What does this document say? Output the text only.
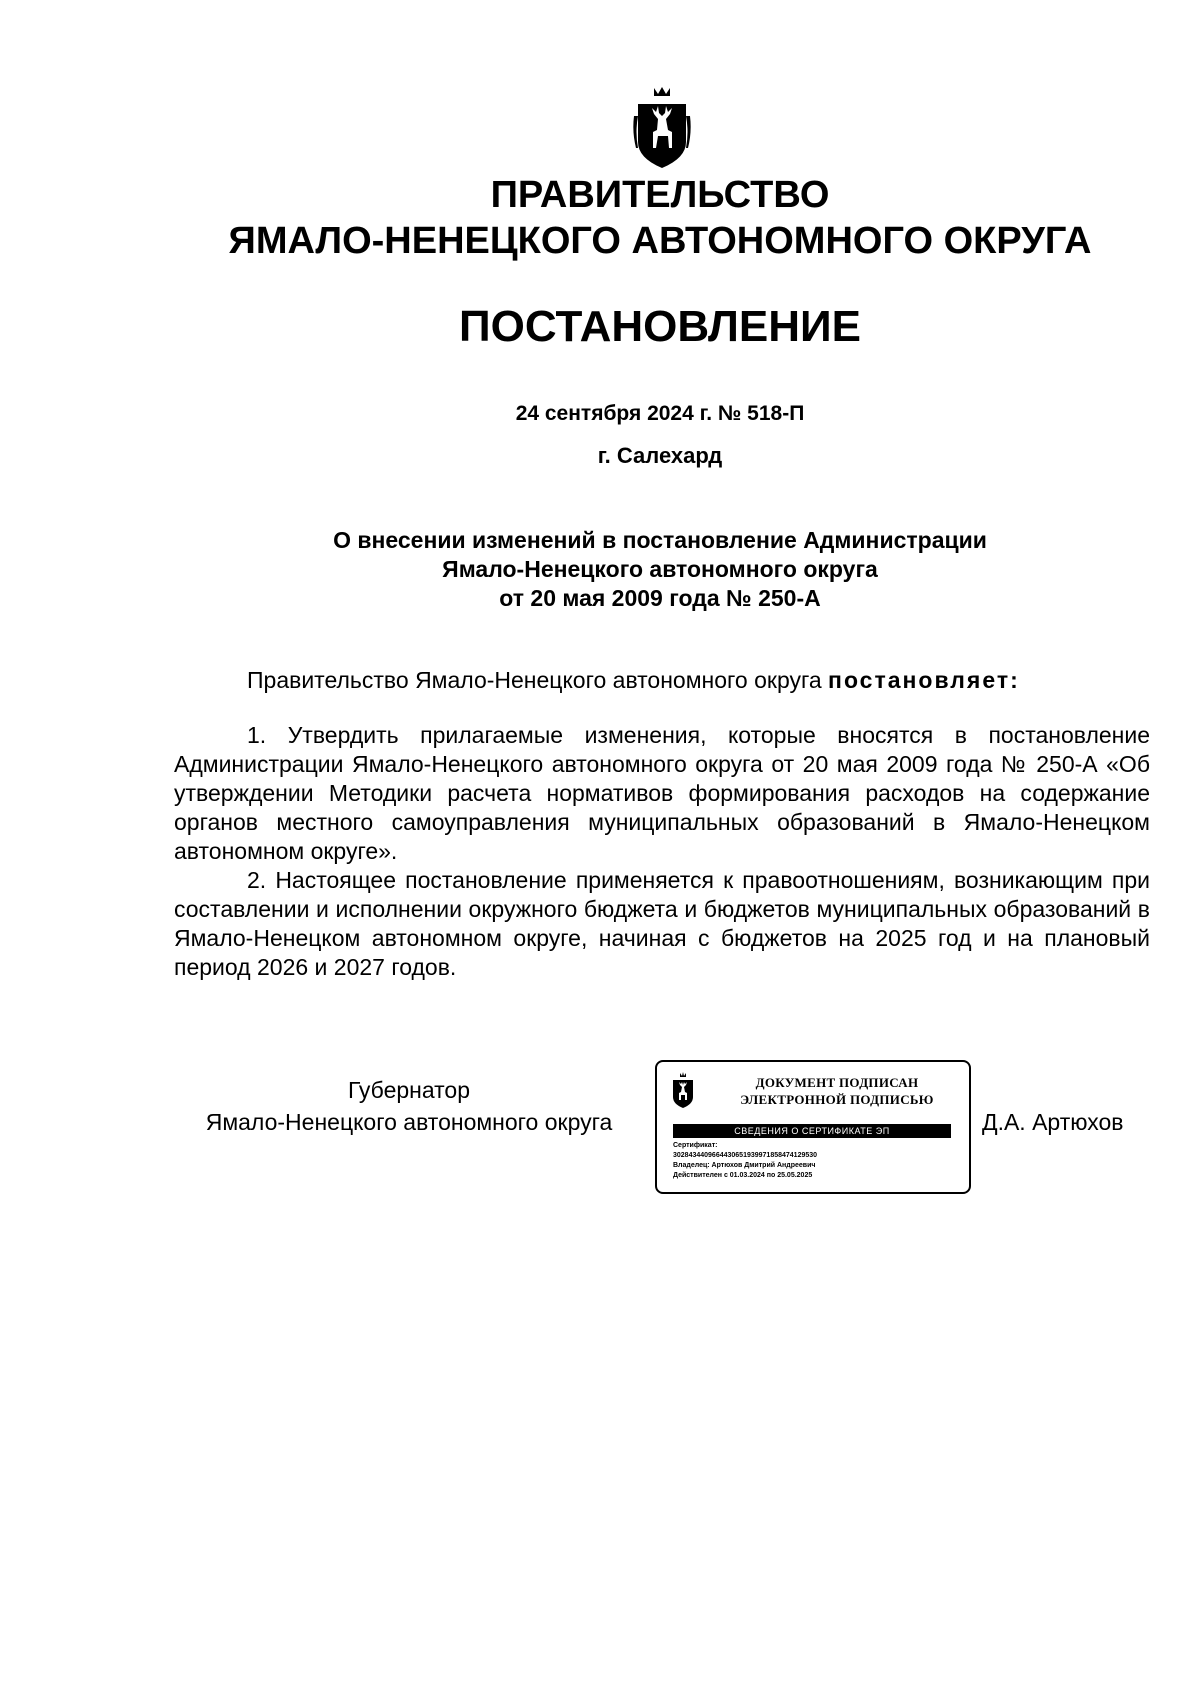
ПРАВИТЕЛЬСТВО
ЯМАЛО-НЕНЕЦКОГО АВТОНОМНОГО ОКРУГА
ПОСТАНОВЛЕНИЕ
24 сентября 2024 г. № 518-П
г. Салехард
О внесении изменений в постановление Администрации
Ямало-Ненецкого автономного округа
от 20 мая 2009 года № 250-А

Правительство Ямало-Ненецкого автономного округа постановляет:

1. Утвердить прилагаемые изменения, которые вносятся в постановление Администрации Ямало-Ненецкого автономного округа от 20 мая 2009 года № 250-А «Об утверждении Методики расчета нормативов формирования расходов на содержание органов местного самоуправления муниципальных образований в Ямало-Ненецком автономном округе».

2. Настоящее постановление применяется к правоотношениям, возникающим при составлении и исполнении окружного бюджета и бюджетов муниципальных образований в Ямало-Ненецком автономном округе, начиная с бюджетов на 2025 год и на плановый период 2026 и 2027 годов.

Губернатор
Ямало-Ненецкого автономного округа
ДОКУМЕНТ ПОДПИСАН
ЭЛЕКТРОННОЙ ПОДПИСЬЮ
СВЕДЕНИЯ О СЕРТИФИКАТЕ ЭП
Сертификат:
3028434409664430651939971858474129530
Владелец: Артюхов Дмитрий Андреевич
Действителен с 01.03.2024 по 25.05.2025
Д.А. Артюхов
